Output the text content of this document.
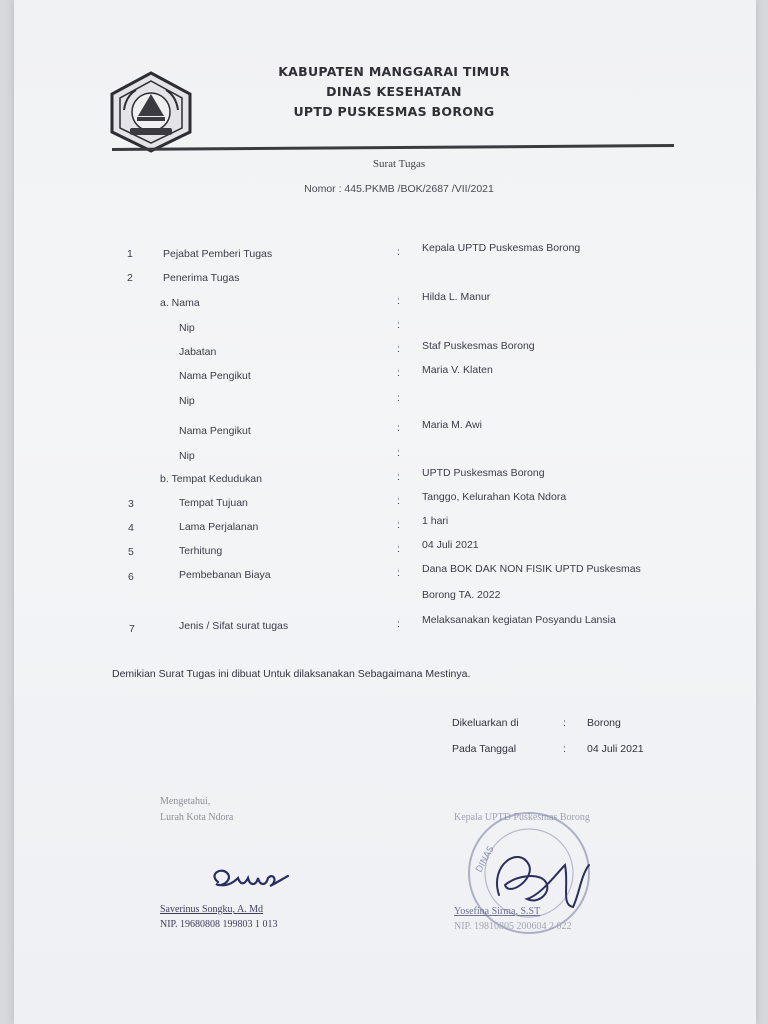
KABUPATEN MANGGARAI TIMUR
DINAS KESEHATAN
UPTD PUSKESMAS BORONG
Surat Tugas
Nomor : 445.PKMB /BOK/2687 /VII/2021
1	Pejabat Pemberi Tugas	: Kepala UPTD Puskesmas Borong
2	Penerima Tugas
a. Nama	: Hilda L. Manur
Nip	:
Jabatan	: Staf Puskesmas Borong
Nama Pengikut	: Maria V. Klaten
Nip	:
Nama Pengikut	: Maria M. Awi
Nip	:
b. Tempat Kedudukan	: UPTD Puskesmas Borong
3	Tempat Tujuan	: Tanggo, Kelurahan Kota Ndora
4	Lama Perjalanan	: 1 hari
5	Terhitung	: 04 Juli 2021
6	Pembebanan Biaya	: Dana BOK DAK NON FISIK UPTD Puskesmas
Borong TA. 2022
7	Jenis / Sifat surat tugas	: Melaksanakan kegiatan Posyandu Lansia
Demikian Surat Tugas ini dibuat Untuk dilaksanakan Sebagaimana Mestinya.
Dikeluarkan di	: Borong
Pada Tanggal	: 04 Juli 2021
Mengetahui,
Lurah Kota Ndora
Saverinus Songku, A. Md
NIP. 19680808 199803 1 013
Kepala UPTD Puskesmas Borong
DINAS
Yosefina Sirma, S.ST
NIP. 19810805 200604 2 022
